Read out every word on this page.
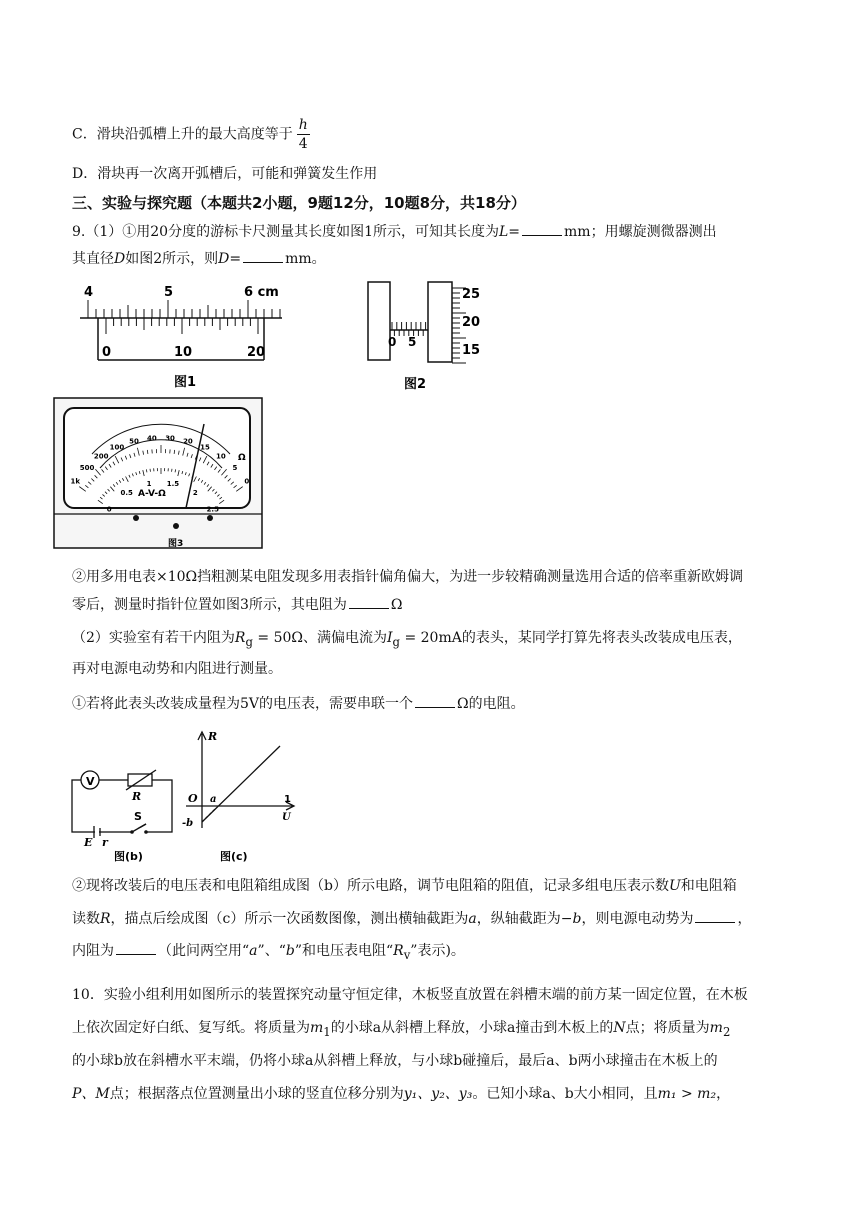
C．滑块沿弧槽上升的最大高度等于 $\frac{h}{4}$
D．滑块再一次离开弧槽后，可能和弹簧发生作用
三、实验与探究题（本题共2小题，9题12分，10题8分，共18分）
9.（1）①用20分度的游标卡尺测量其长度如图1所示，可知其长度为L=	mm；用螺旋测微器测出
其直径D如图2所示，则D=	mm。
4	5	6 cm
0	10	20
图1
0 5
25
20
15
图2
1k
500
200
100
50 40 30 20
15
10
5
0
0
0.5
1 1.5
2
2.5
A-V-Ω
Ω
图3
②用多用电表×10Ω挡粗测某电阻发现多用表指针偏角偏大，为进一步较精确测量选用合适的倍率重新欧姆调
零后，测量时指针位置如图3所示，其电阻为	Ω
（2）实验室有若干内阻为$R_g = 50\Omega$、满偏电流为$I_g = 20mA$的表头，某同学打算先将表头改装成电压表，
再对电源电动势和内阻进行测量。
①若将此表头改装成量程为5V的电压表，需要串联一个	Ω的电阻。
V
R
E r
S
图(b)
R
O a
-b
1
U
图(c)
②现将改装后的电压表和电阻箱组成图（b）所示电路，调节电阻箱的阻值，记录多组电压表示数U和电阻箱
读数R，描点后绘成图（c）所示一次函数图像，测出横轴截距为a，纵轴截距为−b，则电源电动势为	，
内阻为	（此问两空用“a”、“b”和电压表电阻“$R_v$”表示)。
10．实验小组利用如图所示的装置探究动量守恒定律，木板竖直放置在斜槽末端的前方某一固定位置，在木板
上依次固定好白纸、复写纸。将质量为$m_1$的小球a从斜槽上释放，小球a撞击到木板上的N点；将质量为$m_2$
的小球b放在斜槽水平末端，仍将小球a从斜槽上释放，与小球b碰撞后，最后a、b两小球撞击在木板上的
P、M点；根据落点位置测量出小球的竖直位移分别为y₁、y₂、y₃。已知小球a、b大小相同，且m₁ > m₂，
